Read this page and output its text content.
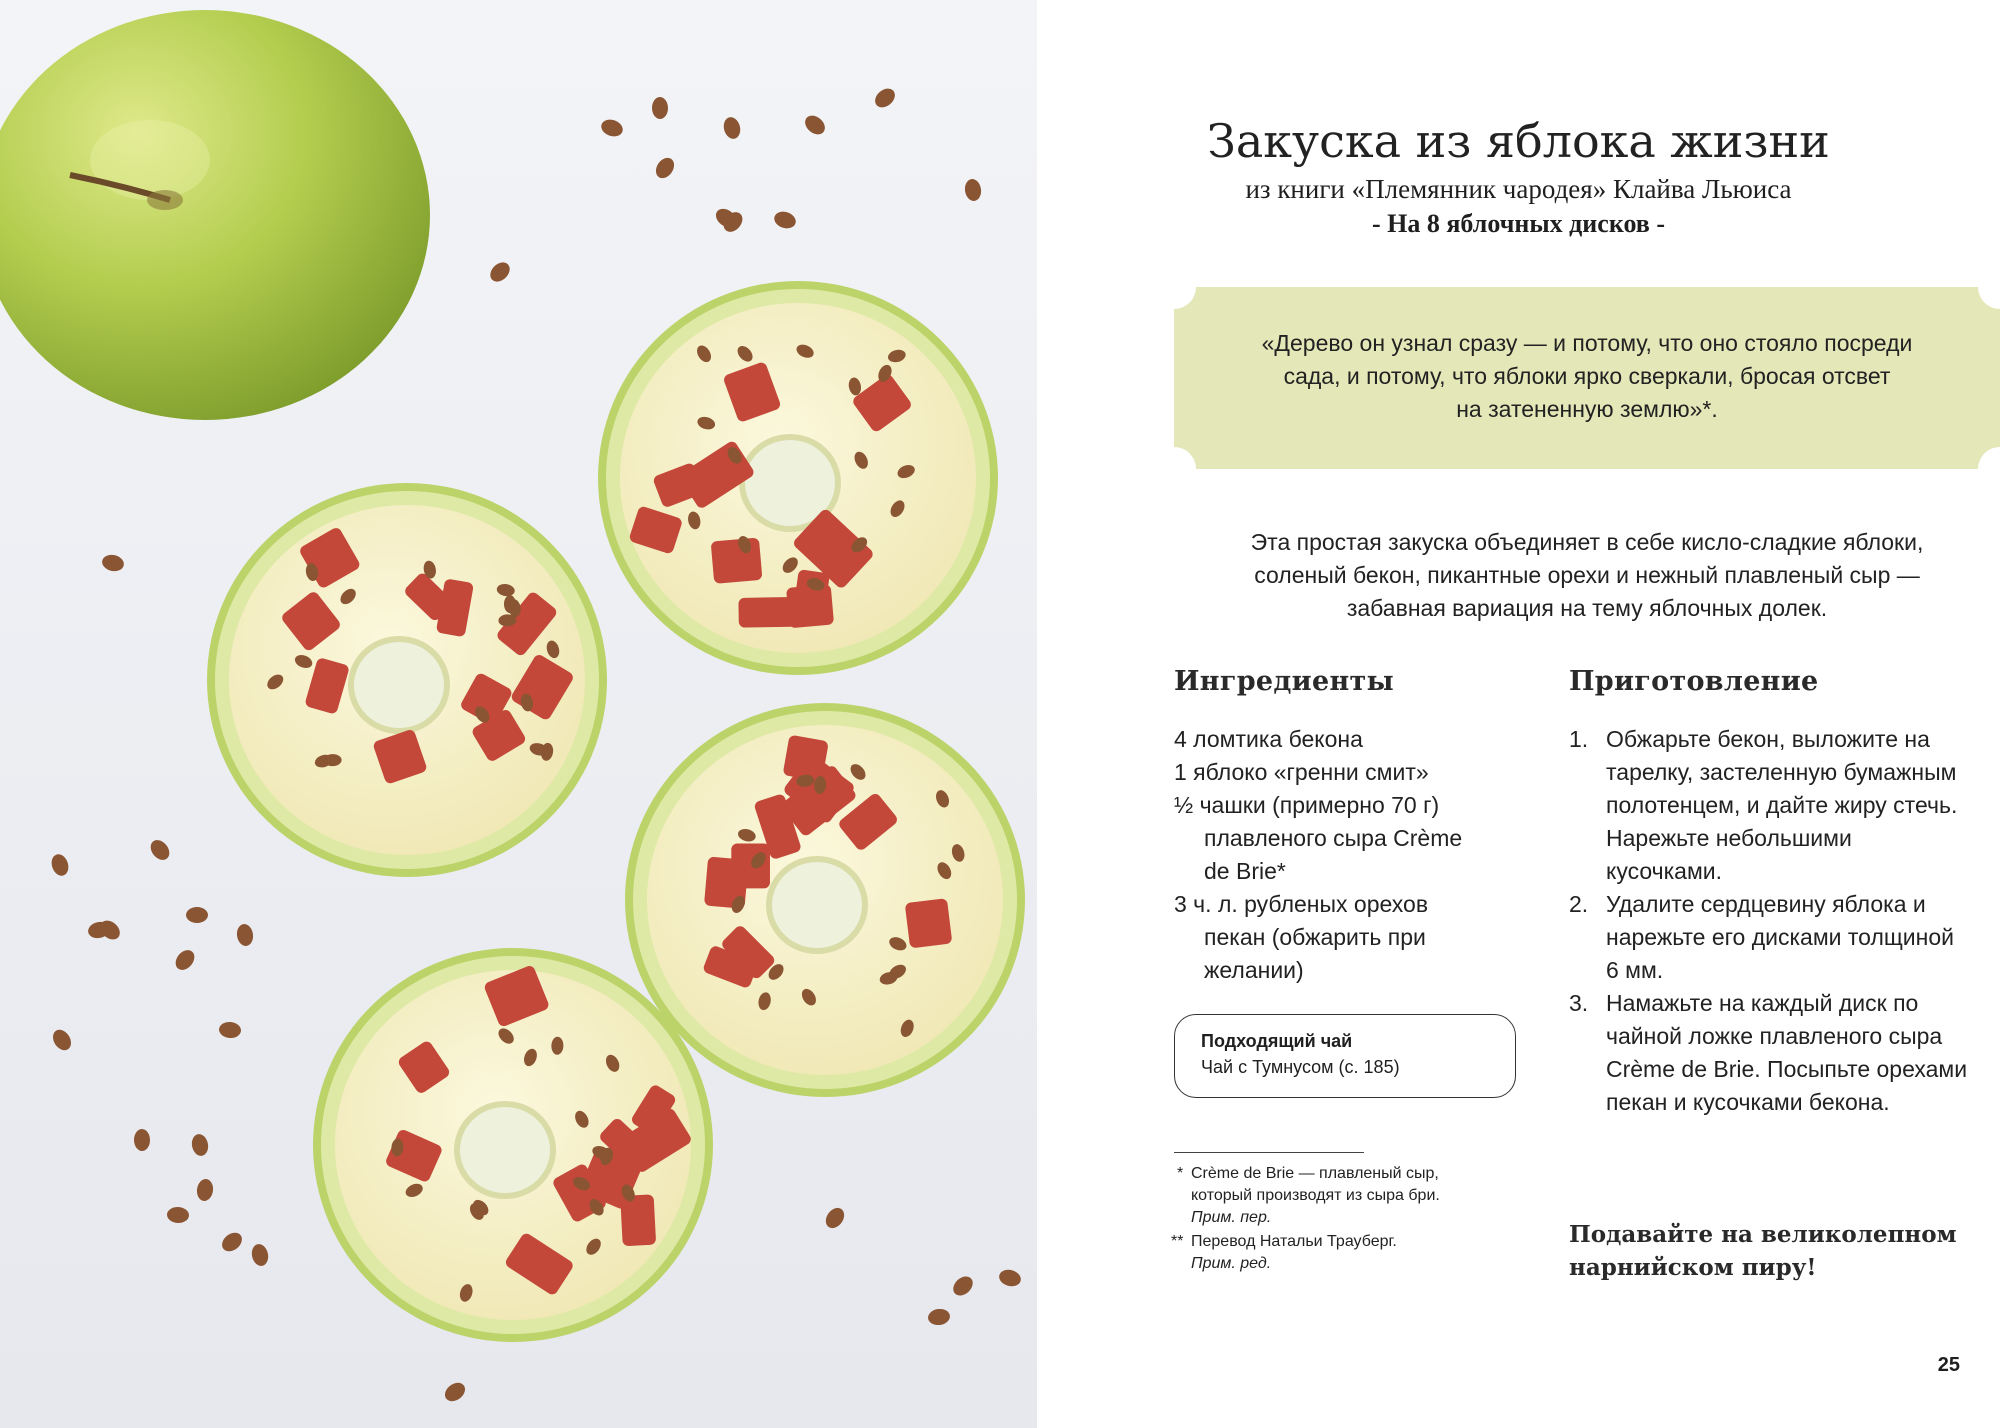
Закуска из яблока жизни
из книги «Племянник чародея» Клайва Льюиса
- На 8 яблочных дисков -
«Дерево он узнал сразу — и потому, что оно стояло посреди
сада, и потому, что яблоки ярко сверкали, бросая отсвет
на затененную землю»*.
Эта простая закуска объединяет в себе кисло-сладкие яблоки,
соленый бекон, пикантные орехи и нежный плавленый сыр —
забавная вариация на тему яблочных долек.
Ингредиенты
4 ломтика бекона
1 яблоко «гренни смит»
½ чашки (примерно 70 г) плавленого сыра Crème de Brie*
3 ч. л. рубленых орехов пекан (обжарить при желании)
Подходящий чай
Чай с Тумнусом (с. 185)
* Crème de Brie — плавленый сыр, который производят из сыра бри.
Прим. пер.
** Перевод Натальи Трауберг.
Прим. ред.
Приготовление
1. Обжарьте бекон, выложите на тарелку, застеленную бумажным полотенцем, и дайте жиру стечь. Нарежьте небольшими кусочками.
2. Удалите сердцевину яблока и нарежьте его дисками толщиной 6 мм.
3. Намажьте на каждый диск по чайной ложке плавленого сыра Crème de Brie. Посыпьте орехами пекан и кусочками бекона.
Подавайте на великолепном нарнийском пиру!
25
